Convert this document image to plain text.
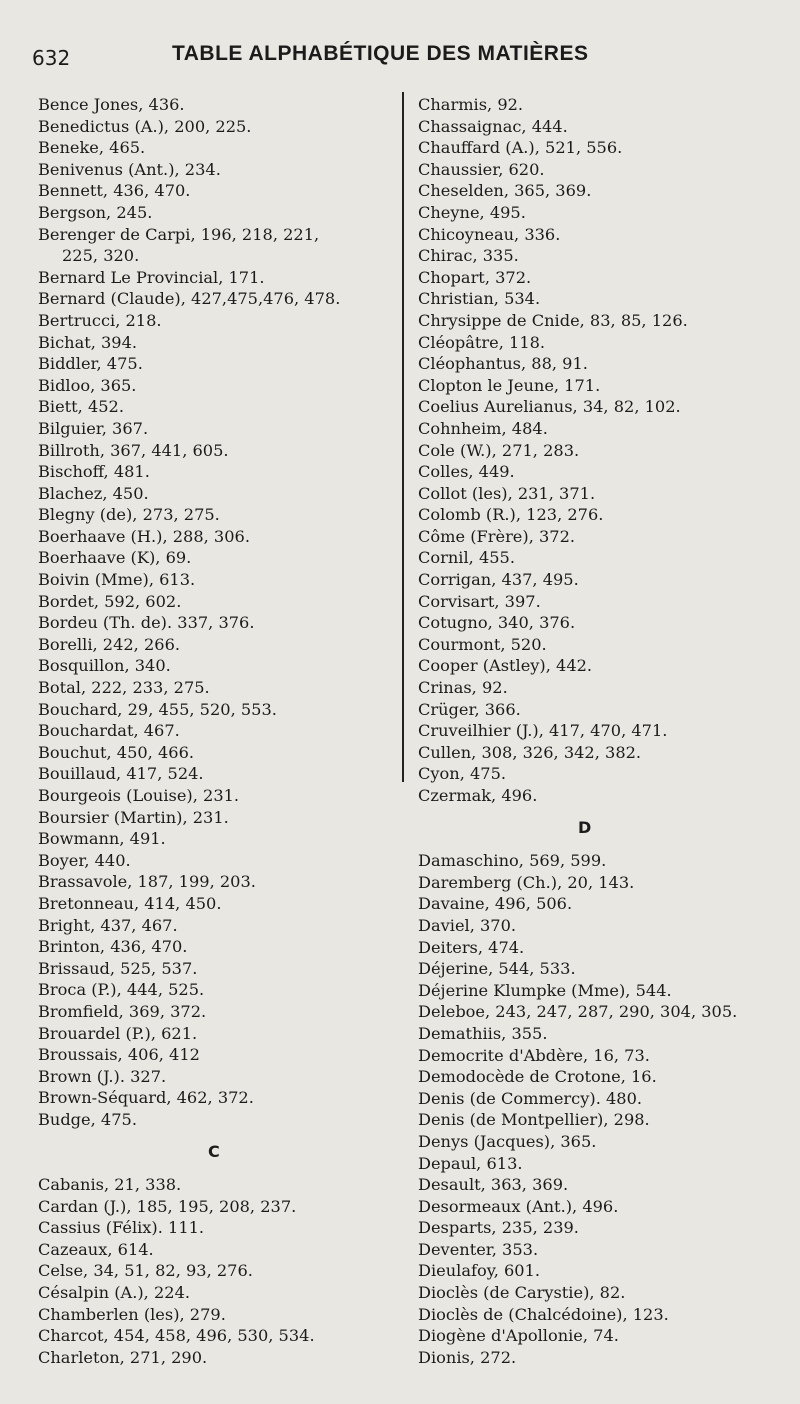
632	TABLE ALPHABÉTIQUE DES MATIÈRES
Bence Jones, 436.
Benedictus (A.), 200, 225.
Beneke, 465.
Benivenus (Ant.), 234.
Bennett, 436, 470.
Bergson, 245.
Berenger de Carpi, 196, 218, 221,
225, 320.
Bernard Le Provincial, 171.
Bernard (Claude), 427,475,476, 478.
Bertrucci, 218.
Bichat, 394.
Biddler, 475.
Bidloo, 365.
Biett, 452.
Bilguier, 367.
Billroth, 367, 441, 605.
Bischoff, 481.
Blachez, 450.
Blegny (de), 273, 275.
Boerhaave (H.), 288, 306.
Boerhaave (K), 69.
Boivin (Mme), 613.
Bordet, 592, 602.
Bordeu (Th. de). 337, 376.
Borelli, 242, 266.
Bosquillon, 340.
Botal, 222, 233, 275.
Bouchard, 29, 455, 520, 553.
Bouchardat, 467.
Bouchut, 450, 466.
Bouillaud, 417, 524.
Bourgeois (Louise), 231.
Boursier (Martin), 231.
Bowmann, 491.
Boyer, 440.
Brassavole, 187, 199, 203.
Bretonneau, 414, 450.
Bright, 437, 467.
Brinton, 436, 470.
Brissaud, 525, 537.
Broca (P.), 444, 525.
Bromfield, 369, 372.
Brouardel (P.), 621.
Broussais, 406, 412
Brown (J.). 327.
Brown-Séquard, 462, 372.
Budge, 475.
C
Cabanis, 21, 338.
Cardan (J.), 185, 195, 208, 237.
Cassius (Félix). 111.
Cazeaux, 614.
Celse, 34, 51, 82, 93, 276.
Césalpin (A.), 224.
Chamberlen (les), 279.
Charcot, 454, 458, 496, 530, 534.
Charleton, 271, 290.
Charmis, 92.
Chassaignac, 444.
Chauffard (A.), 521, 556.
Chaussier, 620.
Cheselden, 365, 369.
Cheyne, 495.
Chicoyneau, 336.
Chirac, 335.
Chopart, 372.
Christian, 534.
Chrysippe de Cnide, 83, 85, 126.
Cléopâtre, 118.
Cléophantus, 88, 91.
Clopton le Jeune, 171.
Coelius Aurelianus, 34, 82, 102.
Cohnheim, 484.
Cole (W.), 271, 283.
Colles, 449.
Collot (les), 231, 371.
Colomb (R.), 123, 276.
Côme (Frère), 372.
Cornil, 455.
Corrigan, 437, 495.
Corvisart, 397.
Cotugno, 340, 376.
Courmont, 520.
Cooper (Astley), 442.
Crinas, 92.
Crüger, 366.
Cruveilhier (J.), 417, 470, 471.
Cullen, 308, 326, 342, 382.
Cyon, 475.
Czermak, 496.
D
Damaschino, 569, 599.
Daremberg (Ch.), 20, 143.
Davaine, 496, 506.
Daviel, 370.
Deiters, 474.
Déjerine, 544, 533.
Déjerine Klumpke (Mme), 544.
Deleboe, 243, 247, 287, 290, 304, 305.
Demathiis, 355.
Democrite d'Abdère, 16, 73.
Demodocède de Crotone, 16.
Denis (de Commercy). 480.
Denis (de Montpellier), 298.
Denys (Jacques), 365.
Depaul, 613.
Desault, 363, 369.
Desormeaux (Ant.), 496.
Desparts, 235, 239.
Deventer, 353.
Dieulafoy, 601.
Dioclès (de Carystie), 82.
Dioclès de (Chalcédoine), 123.
Diogène d'Apollonie, 74.
Dionis, 272.
